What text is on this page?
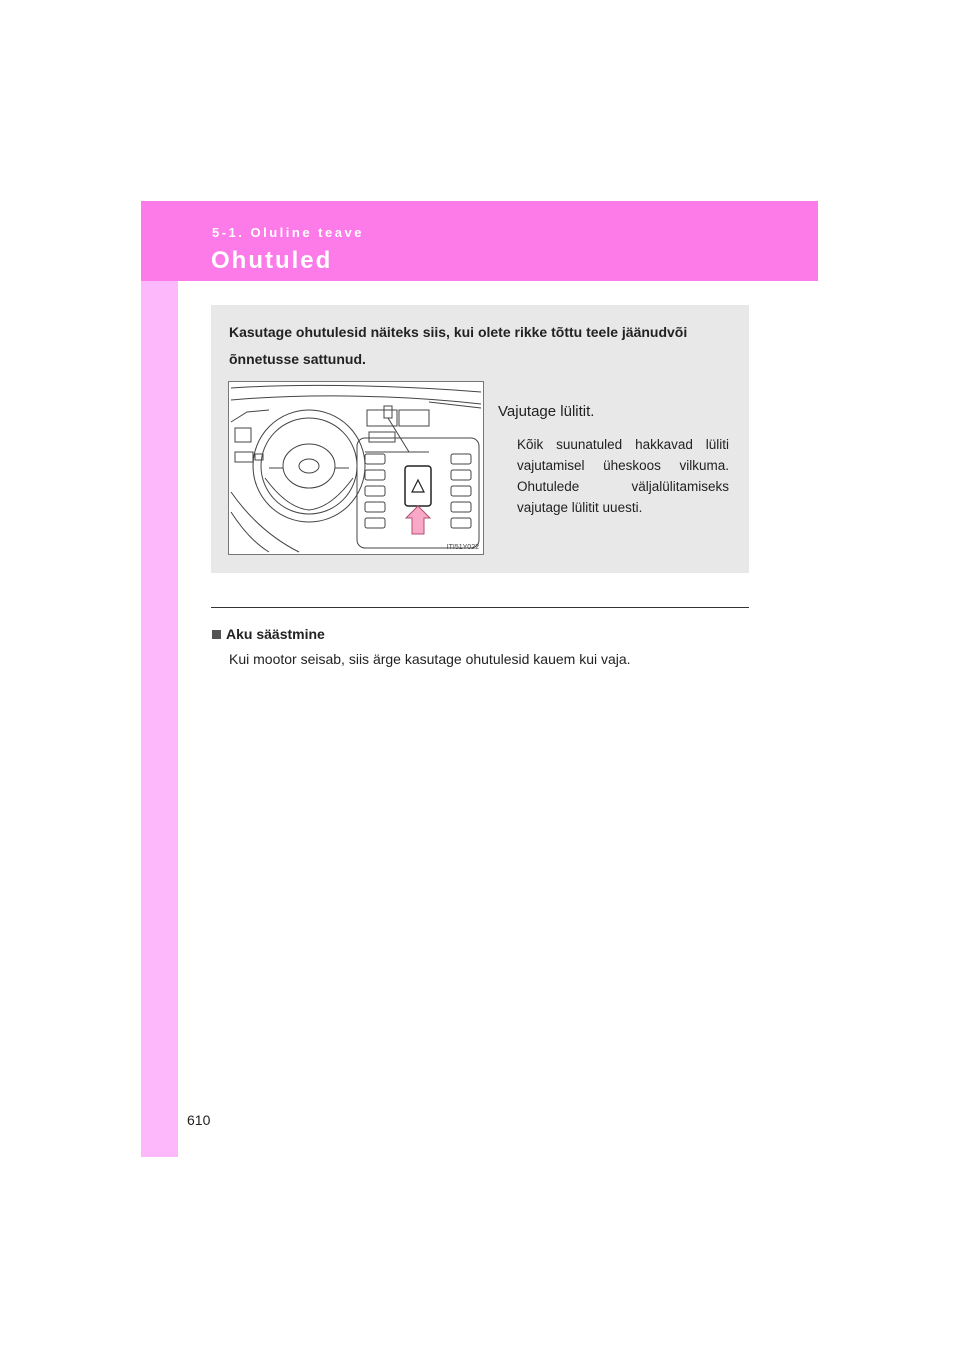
5-1. Oluline teave
Ohutuled
Kasutage ohutulesid näiteks siis, kui olete rikke tõttu teele jäänudvõi õnnetusse sattunud.
ITI51Y022
Vajutage lülitit.
Kõik suunatuled hakkavad lüliti vajutamisel üheskoos vilkuma. Ohutulede väljalülitamiseks vajutage lülitit uuesti.
Aku säästmine
Kui mootor seisab, siis ärge kasutage ohutulesid kauem kui vaja.
610
